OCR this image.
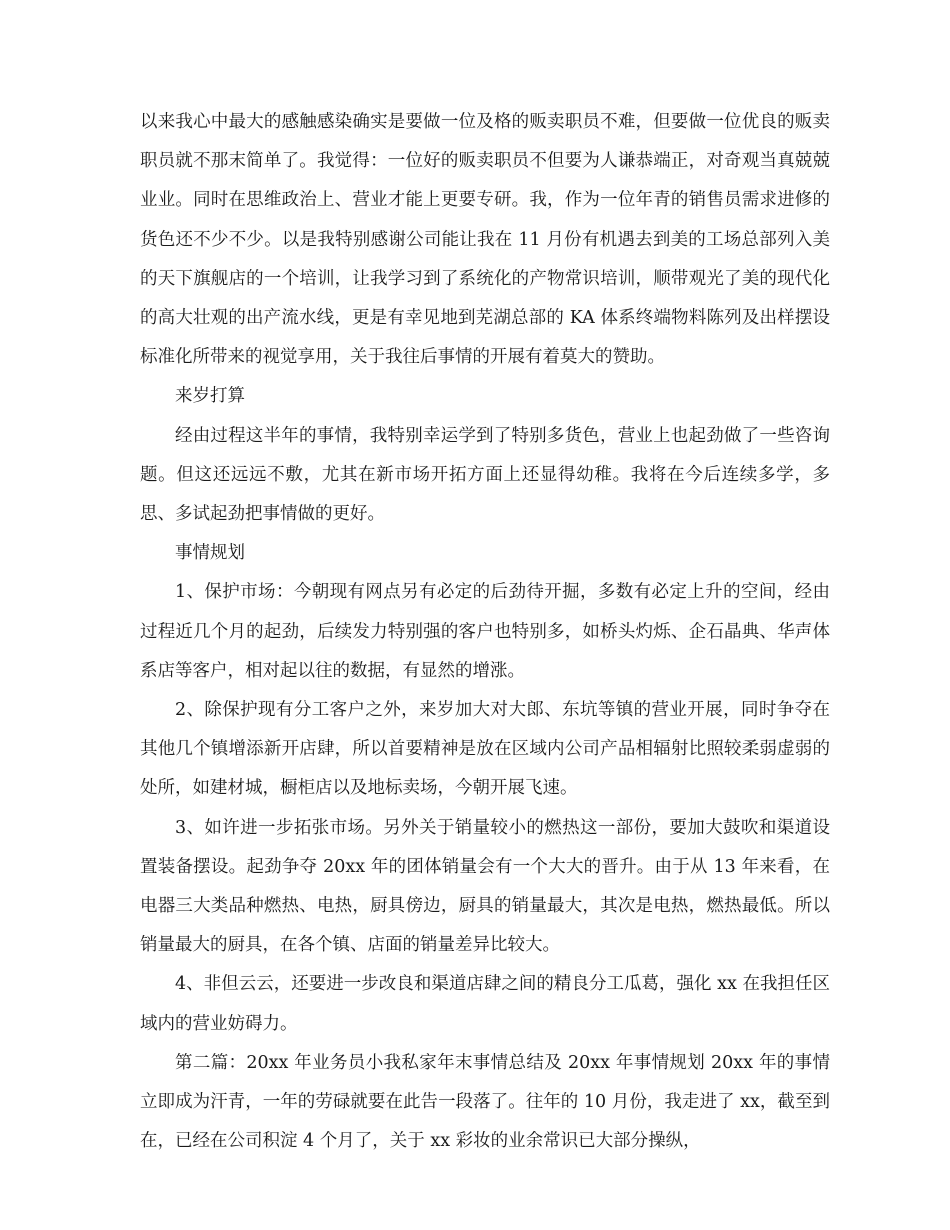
以来我心中最大的感触感染确实是要做一位及格的贩卖职员不难，但要做一位优良的贩卖职员就不那末简单了。我觉得：一位好的贩卖职员不但要为人谦恭端正，对奇观当真兢兢业业。同时在思维政治上、营业才能上更要专研。我，作为一位年青的销售员需求进修的货色还不少不少。以是我特别感谢公司能让我在 11 月份有机遇去到美的工场总部列入美的天下旗舰店的一个培训，让我学习到了系统化的产物常识培训，顺带观光了美的现代化的高大壮观的出产流水线，更是有幸见地到芜湖总部的 KA 体系终端物料陈列及出样摆设标准化所带来的视觉享用，关于我往后事情的开展有着莫大的赞助。

来岁打算

经由过程这半年的事情，我特别幸运学到了特别多货色，营业上也起劲做了一些咨询题。但这还远远不敷，尤其在新市场开拓方面上还显得幼稚。我将在今后连续多学，多思、多试起劲把事情做的更好。

事情规划

1、保护市场：今朝现有网点另有必定的后劲待开掘，多数有必定上升的空间，经由过程近几个月的起劲，后续发力特别强的客户也特别多，如桥头灼烁、企石晶典、华声体系店等客户，相对起以往的数据，有显然的增涨。

2、除保护现有分工客户之外，来岁加大对大郎、东坑等镇的营业开展，同时争夺在其他几个镇增添新开店肆，所以首要精神是放在区域内公司产品相辐射比照较柔弱虚弱的处所，如建材城，橱柜店以及地标卖场，今朝开展飞速。

3、如许进一步拓张市场。另外关于销量较小的燃热这一部份，要加大鼓吹和渠道设置装备摆设。起劲争夺 20xx 年的团体销量会有一个大大的晋升。由于从 13 年来看，在电器三大类品种燃热、电热，厨具傍边，厨具的销量最大，其次是电热，燃热最低。所以销量最大的厨具，在各个镇、店面的销量差异比较大。

4、非但云云，还要进一步改良和渠道店肆之间的精良分工瓜葛，强化 xx 在我担任区域内的营业妨碍力。

第二篇：20xx 年业务员小我私家年末事情总结及 20xx 年事情规划 20xx 年的事情立即成为汗青，一年的劳碌就要在此告一段落了。往年的 10 月份，我走进了 xx，截至到在，已经在公司积淀 4 个月了，关于 xx 彩妆的业余常识已大部分操纵，
